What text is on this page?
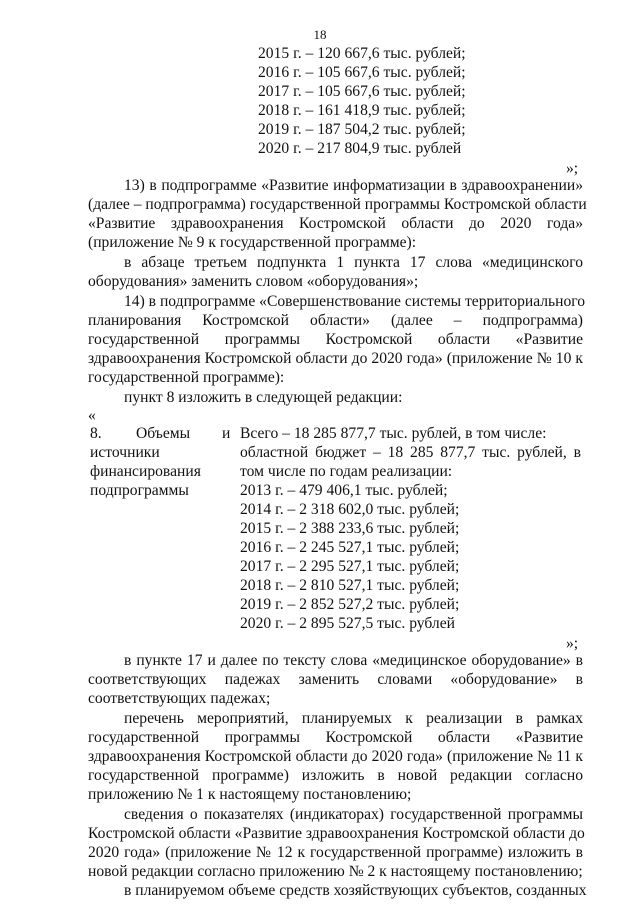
18
2015 г. – 120 667,6 тыс. рублей;
2016 г. – 105 667,6 тыс. рублей;
2017 г. – 105 667,6 тыс. рублей;
2018 г. – 161 418,9 тыс. рублей;
2019 г. – 187 504,2 тыс. рублей;
2020 г. – 217 804,9 тыс. рублей
»;
13) в подпрограмме «Развитие информатизации в здравоохранении»
(далее – подпрограмма) государственной программы Костромской области
«Развитие здравоохранения Костромской области до 2020 года»
(приложение № 9 к государственной программе):
в абзаце третьем подпункта 1 пункта 17 слова «медицинского
оборудования» заменить словом «оборудования»;
14) в подпрограмме «Совершенствование системы территориального
планирования Костромской области» (далее – подпрограмма)
государственной программы Костромской области «Развитие
здравоохранения Костромской области до 2020 года» (приложение № 10 к
государственной программе):
пункт 8 изложить в следующей редакции:
«
8. Объемы и
источники
финансирования
подпрограммы
Всего – 18 285 877,7 тыс. рублей, в том числе:
областной бюджет – 18 285 877,7 тыс. рублей, в
том числе по годам реализации:
2013 г. – 479 406,1 тыс. рублей;
2014 г. – 2 318 602,0 тыс. рублей;
2015 г. – 2 388 233,6 тыс. рублей;
2016 г. – 2 245 527,1 тыс. рублей;
2017 г. – 2 295 527,1 тыс. рублей;
2018 г. – 2 810 527,1 тыс. рублей;
2019 г. – 2 852 527,2 тыс. рублей;
2020 г. – 2 895 527,5 тыс. рублей
»;
в пункте 17 и далее по тексту слова «медицинское оборудование» в
соответствующих падежах заменить словами «оборудование» в
соответствующих падежах;
перечень мероприятий, планируемых к реализации в рамках
государственной программы Костромской области «Развитие
здравоохранения Костромской области до 2020 года» (приложение № 11 к
государственной программе) изложить в новой редакции согласно
приложению № 1 к настоящему постановлению;
сведения о показателях (индикаторах) государственной программы
Костромской области «Развитие здравоохранения Костромской области до
2020 года» (приложение № 12 к государственной программе) изложить в
новой редакции согласно приложению № 2 к настоящему постановлению;
в планируемом объеме средств хозяйствующих субъектов, созданных
